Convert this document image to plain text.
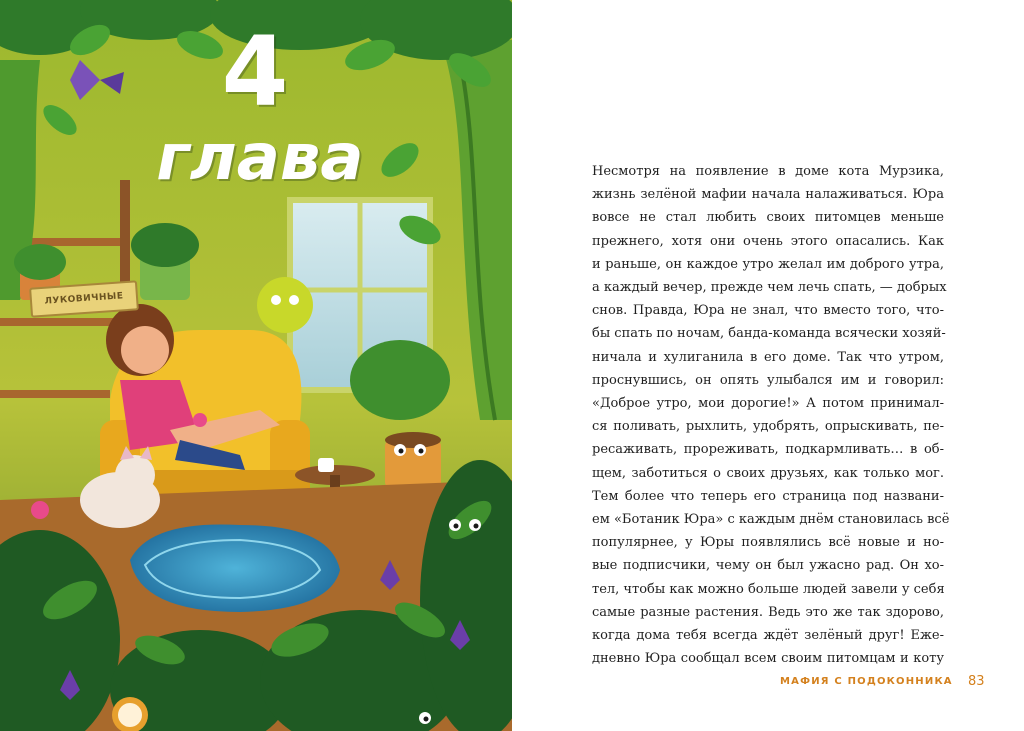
4
глава
ЛУКОВИЧНЫЕ
Несмотря на появление в доме кота Мурзика,
жизнь зелёной мафии начала налаживаться. Юра
вовсе не стал любить своих питомцев меньше
прежнего, хотя они очень этого опасались. Как
и раньше, он каждое утро желал им доброго утра,
а каждый вечер, прежде чем лечь спать, — добрых
снов. Правда, Юра не знал, что вместо того, что-
бы спать по ночам, банда-команда всячески хозяй-
ничала и хулиганила в его доме. Так что утром,
проснувшись, он опять улыбался им и говорил:
«Доброе утро, мои дорогие!» А потом принимал-
ся поливать, рыхлить, удобрять, опрыскивать, пе-
ресаживать, прореживать, подкармливать… в об-
щем, заботиться о своих друзьях, как только мог.
Тем более что теперь его страница под названи-
ем «Ботаник Юра» с каждым днём становилась всё
популярнее, у Юры появлялись всё новые и но-
вые подписчики, чему он был ужасно рад. Он хо-
тел, чтобы как можно больше людей завели у себя
самые разные растения. Ведь это же так здорово,
когда дома тебя всегда ждёт зелёный друг! Еже-
дневно Юра сообщал всем своим питомцам и коту
МАФИЯ С ПОДОКОННИКА 83
